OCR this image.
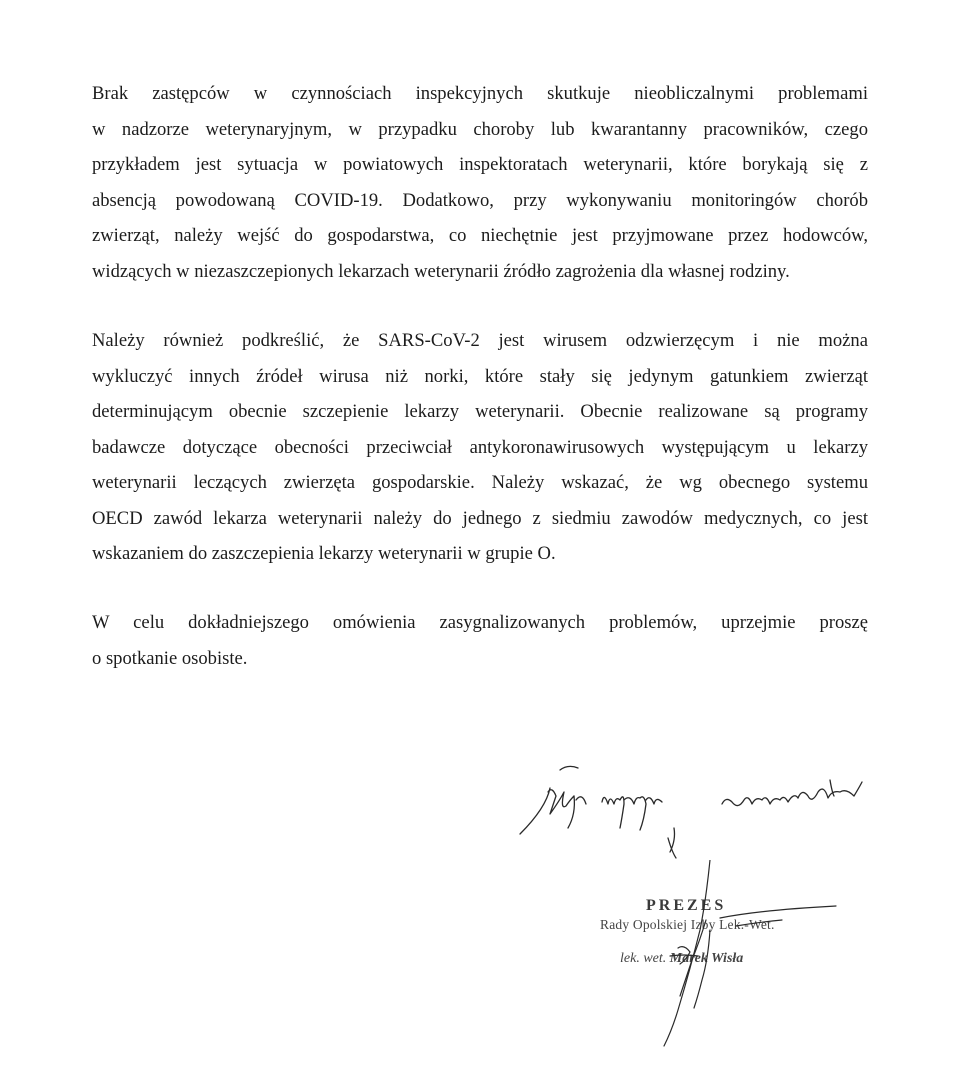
Brak zastępców w czynnościach inspekcyjnych skutkuje nieobliczalnymi problemami
w nadzorze weterynaryjnym, w przypadku choroby lub kwarantanny pracowników, czego
przykładem jest sytuacja w powiatowych inspektoratach weterynarii, które borykają się z
absencją powodowaną COVID-19. Dodatkowo, przy wykonywaniu monitoringów chorób
zwierząt, należy wejść do gospodarstwa, co niechętnie jest przyjmowane przez hodowców,
widzących w niezaszczepionych lekarzach weterynarii źródło zagrożenia dla własnej rodziny.

Należy również podkreślić, że SARS-CoV-2 jest wirusem odzwierzęcym i nie można
wykluczyć innych źródeł wirusa niż norki, które stały się jedynym gatunkiem zwierząt
determinującym obecnie szczepienie lekarzy weterynarii. Obecnie realizowane są programy
badawcze dotyczące obecności przeciwciał antykoronawirusowych występującym u lekarzy
weterynarii leczących zwierzęta gospodarskie. Należy wskazać, że wg obecnego systemu
OECD zawód lekarza weterynarii należy do jednego z siedmiu zawodów medycznych, co jest
wskazaniem do zaszczepienia lekarzy weterynarii w grupie O.

W celu dokładniejszego omówienia zasygnalizowanych problemów, uprzejmie proszę
o spotkanie osobiste.

PREZES
Rady Opolskiej Izby Lek.-Wet.
lek. wet. Marek Wisła
